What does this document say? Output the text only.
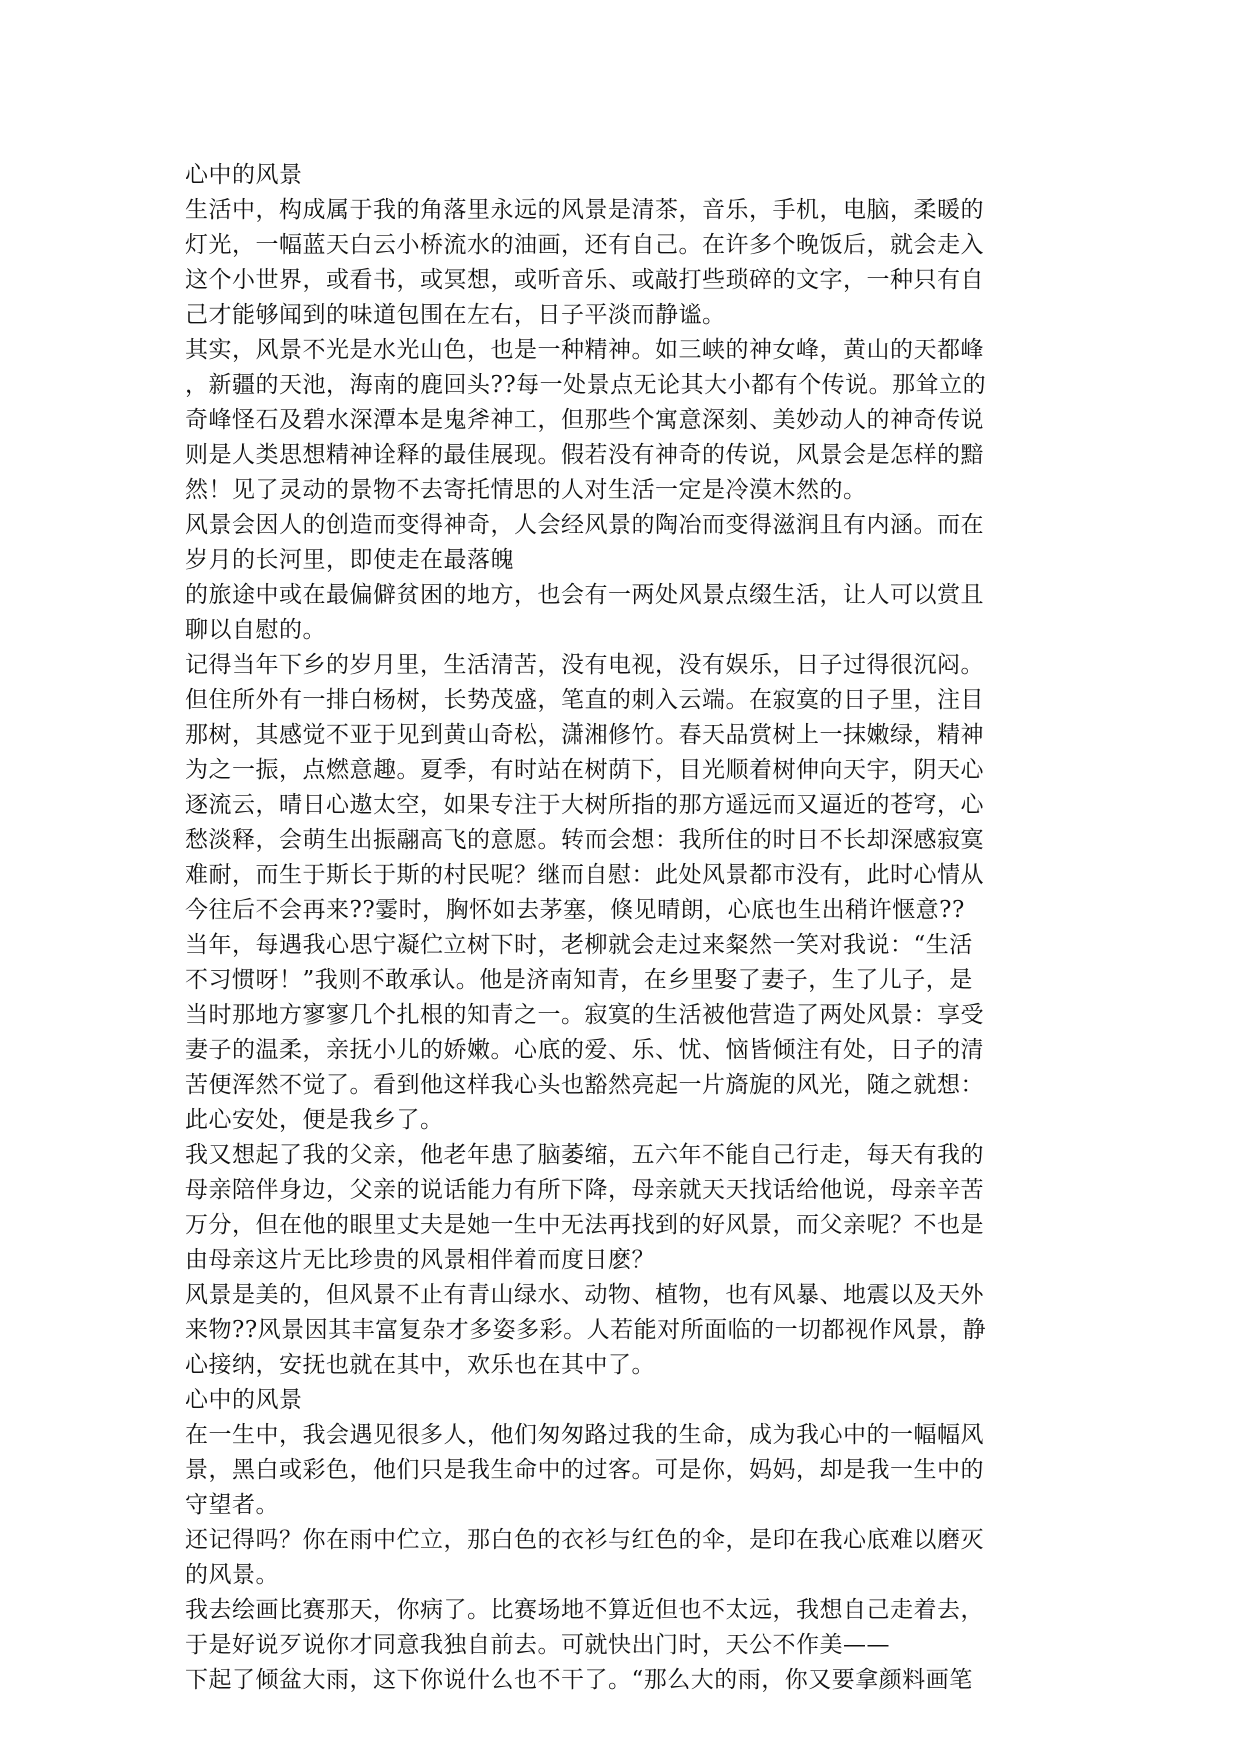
心中的风景
生活中，构成属于我的角落里永远的风景是清茶，音乐，手机，电脑，柔暖的
灯光，一幅蓝天白云小桥流水的油画，还有自己。在许多个晚饭后，就会走入
这个小世界，或看书，或冥想，或听音乐、或敲打些琐碎的文字，一种只有自
己才能够闻到的味道包围在左右，日子平淡而静谧。
其实，风景不光是水光山色，也是一种精神。如三峡的神女峰，黄山的天都峰
，新疆的天池，海南的鹿回头??每一处景点无论其大小都有个传说。那耸立的
奇峰怪石及碧水深潭本是鬼斧神工，但那些个寓意深刻、美妙动人的神奇传说
则是人类思想精神诠释的最佳展现。假若没有神奇的传说，风景会是怎样的黯
然！见了灵动的景物不去寄托情思的人对生活一定是冷漠木然的。
风景会因人的创造而变得神奇，人会经风景的陶冶而变得滋润且有内涵。而在
岁月的长河里，即使走在最落魄
的旅途中或在最偏僻贫困的地方，也会有一两处风景点缀生活，让人可以赏且
聊以自慰的。
记得当年下乡的岁月里，生活清苦，没有电视，没有娱乐，日子过得很沉闷。
但住所外有一排白杨树，长势茂盛，笔直的刺入云端。在寂寞的日子里，注目
那树，其感觉不亚于见到黄山奇松，潇湘修竹。春天品赏树上一抹嫩绿，精神
为之一振，点燃意趣。夏季，有时站在树荫下，目光顺着树伸向天宇，阴天心
逐流云，晴日心遨太空，如果专注于大树所指的那方遥远而又逼近的苍穹，心
愁淡释，会萌生出振翮高飞的意愿。转而会想：我所住的时日不长却深感寂寞
难耐，而生于斯长于斯的村民呢？继而自慰：此处风景都市没有，此时心情从
今往后不会再来??霎时，胸怀如去茅塞，倏见晴朗，心底也生出稍许惬意??
当年，每遇我心思宁凝伫立树下时，老柳就会走过来粲然一笑对我说：“生活
不习惯呀！”我则不敢承认。他是济南知青，在乡里娶了妻子，生了儿子，是
当时那地方寥寥几个扎根的知青之一。寂寞的生活被他营造了两处风景：享受
妻子的温柔，亲抚小儿的娇嫩。心底的爱、乐、忧、恼皆倾注有处，日子的清
苦便浑然不觉了。看到他这样我心头也豁然亮起一片旖旎的风光，随之就想：
此心安处，便是我乡了。
我又想起了我的父亲，他老年患了脑萎缩，五六年不能自己行走，每天有我的
母亲陪伴身边，父亲的说话能力有所下降，母亲就天天找话给他说，母亲辛苦
万分，但在他的眼里丈夫是她一生中无法再找到的好风景，而父亲呢？不也是
由母亲这片无比珍贵的风景相伴着而度日麽？
风景是美的，但风景不止有青山绿水、动物、植物，也有风暴、地震以及天外
来物??风景因其丰富复杂才多姿多彩。人若能对所面临的一切都视作风景，静
心接纳，安抚也就在其中，欢乐也在其中了。
心中的风景
在一生中，我会遇见很多人，他们匆匆路过我的生命，成为我心中的一幅幅风
景，黑白或彩色，他们只是我生命中的过客。可是你，妈妈，却是我一生中的
守望者。
还记得吗？你在雨中伫立，那白色的衣衫与红色的伞，是印在我心底难以磨灭
的风景。
我去绘画比赛那天，你病了。比赛场地不算近但也不太远，我想自己走着去，
于是好说歹说你才同意我独自前去。可就快出门时，天公不作美——
下起了倾盆大雨，这下你说什么也不干了。“那么大的雨，你又要拿颜料画笔
